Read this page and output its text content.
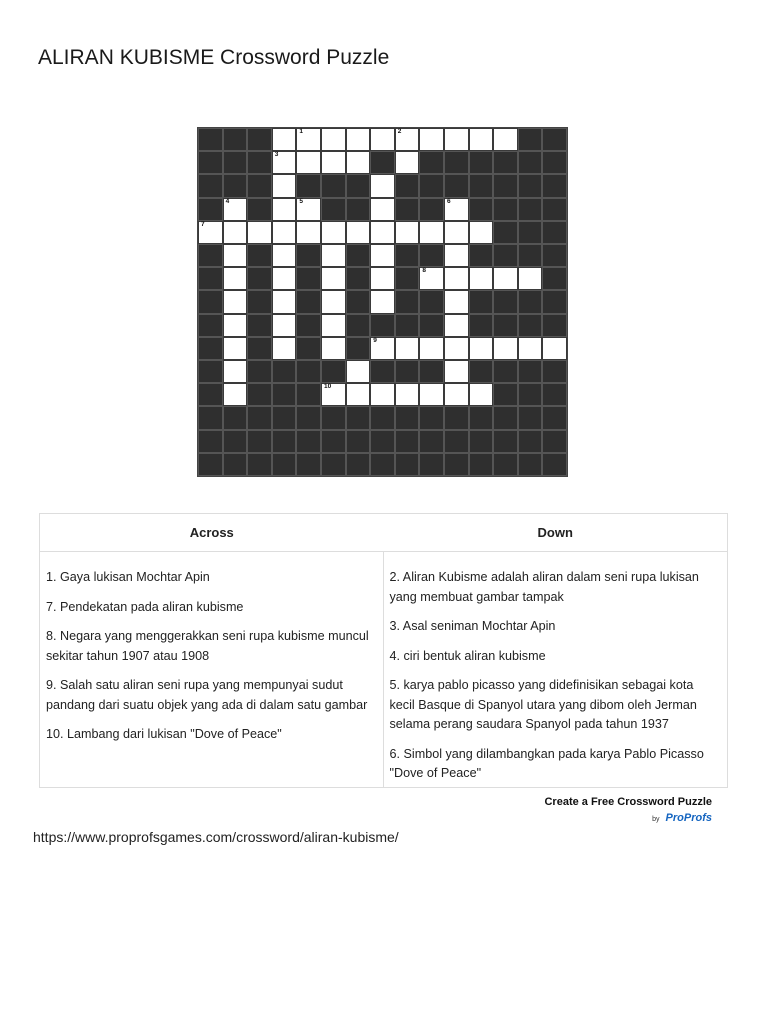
ALIRAN KUBISME Crossword Puzzle
1	2
3
4	5	6
7
8
9
10
Across	Down
1. Gaya lukisan Mochtar Apin
7. Pendekatan pada aliran kubisme
8. Negara yang menggerakkan seni rupa kubisme muncul sekitar tahun 1907 atau 1908
9. Salah satu aliran seni rupa yang mempunyai sudut pandang dari suatu objek yang ada di dalam satu gambar
10. Lambang dari lukisan "Dove of Peace"
2. Aliran Kubisme adalah aliran dalam seni rupa lukisan yang membuat gambar tampak
3. Asal seniman Mochtar Apin
4. ciri bentuk aliran kubisme
5. karya pablo picasso yang didefinisikan sebagai kota kecil Basque di Spanyol utara yang dibom oleh Jerman selama perang saudara Spanyol pada tahun 1937
6. Simbol yang dilambangkan pada karya Pablo Picasso "Dove of Peace"
Create a Free Crossword Puzzle
by ProProfs
https://www.proprofsgames.com/crossword/aliran-kubisme/
